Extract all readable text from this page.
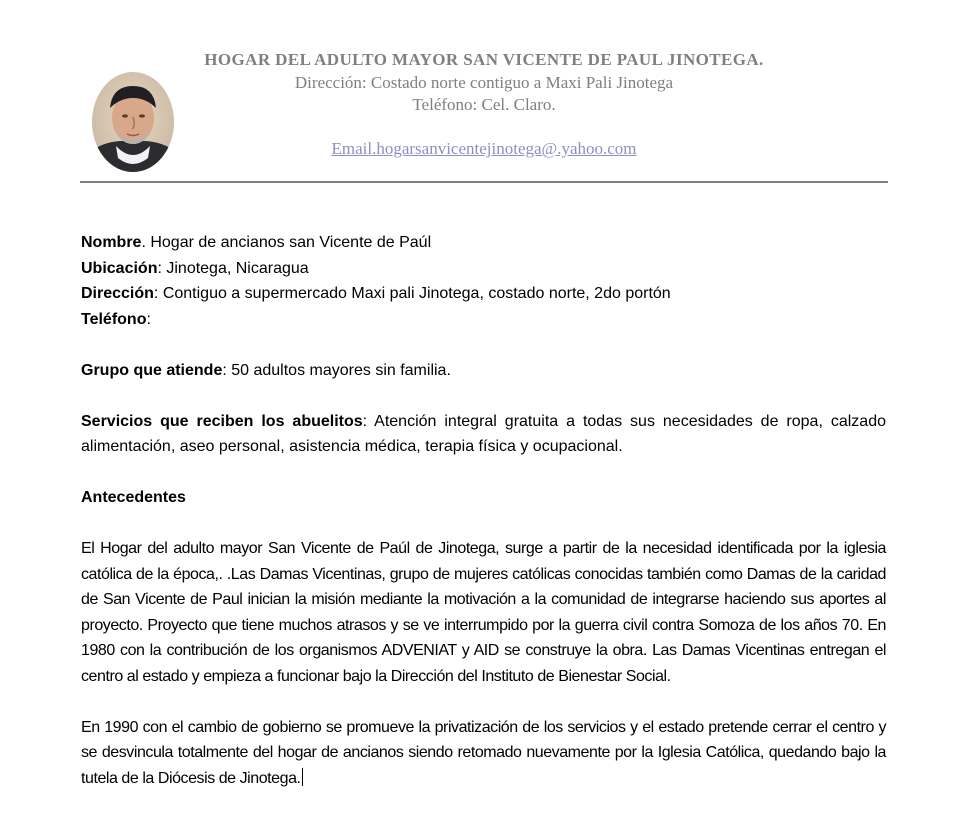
HOGAR DEL ADULTO MAYOR SAN VICENTE DE PAUL JINOTEGA.
Dirección: Costado norte contiguo a Maxi Pali Jinotega
Teléfono: Cel. Claro.
Email.hogarsanvicentejinotega@.yahoo.com

Nombre. Hogar de ancianos san Vicente de Paúl

Ubicación: Jinotega, Nicaragua

Dirección: Contiguo a supermercado Maxi pali Jinotega, costado norte, 2do portón

Teléfono:

Grupo que atiende: 50 adultos mayores sin familia.

Servicios que reciben los abuelitos: Atención integral gratuita a todas sus necesidades de ropa, calzado alimentación, aseo personal, asistencia médica, terapia física y ocupacional.

Antecedentes

El Hogar del adulto mayor San Vicente de Paúl de Jinotega, surge a partir de la necesidad identificada por la iglesia católica de la época,. .Las Damas Vicentinas, grupo de mujeres católicas conocidas también como Damas de la caridad de San Vicente de Paul inician la misión mediante la motivación a la comunidad de integrarse haciendo sus aportes al proyecto. Proyecto que tiene muchos atrasos y se ve interrumpido por la guerra civil contra Somoza de los años 70. En 1980 con la contribución de los organismos ADVENIAT y AID se construye la obra. Las Damas Vicentinas entregan el centro al estado y empieza a funcionar bajo la Dirección del Instituto de Bienestar Social.

En 1990 con el cambio de gobierno se promueve la privatización de los servicios y el estado pretende cerrar el centro y se desvincula totalmente del hogar de ancianos siendo retomado nuevamente por la Iglesia Católica, quedando bajo la tutela de la Diócesis de Jinotega.
